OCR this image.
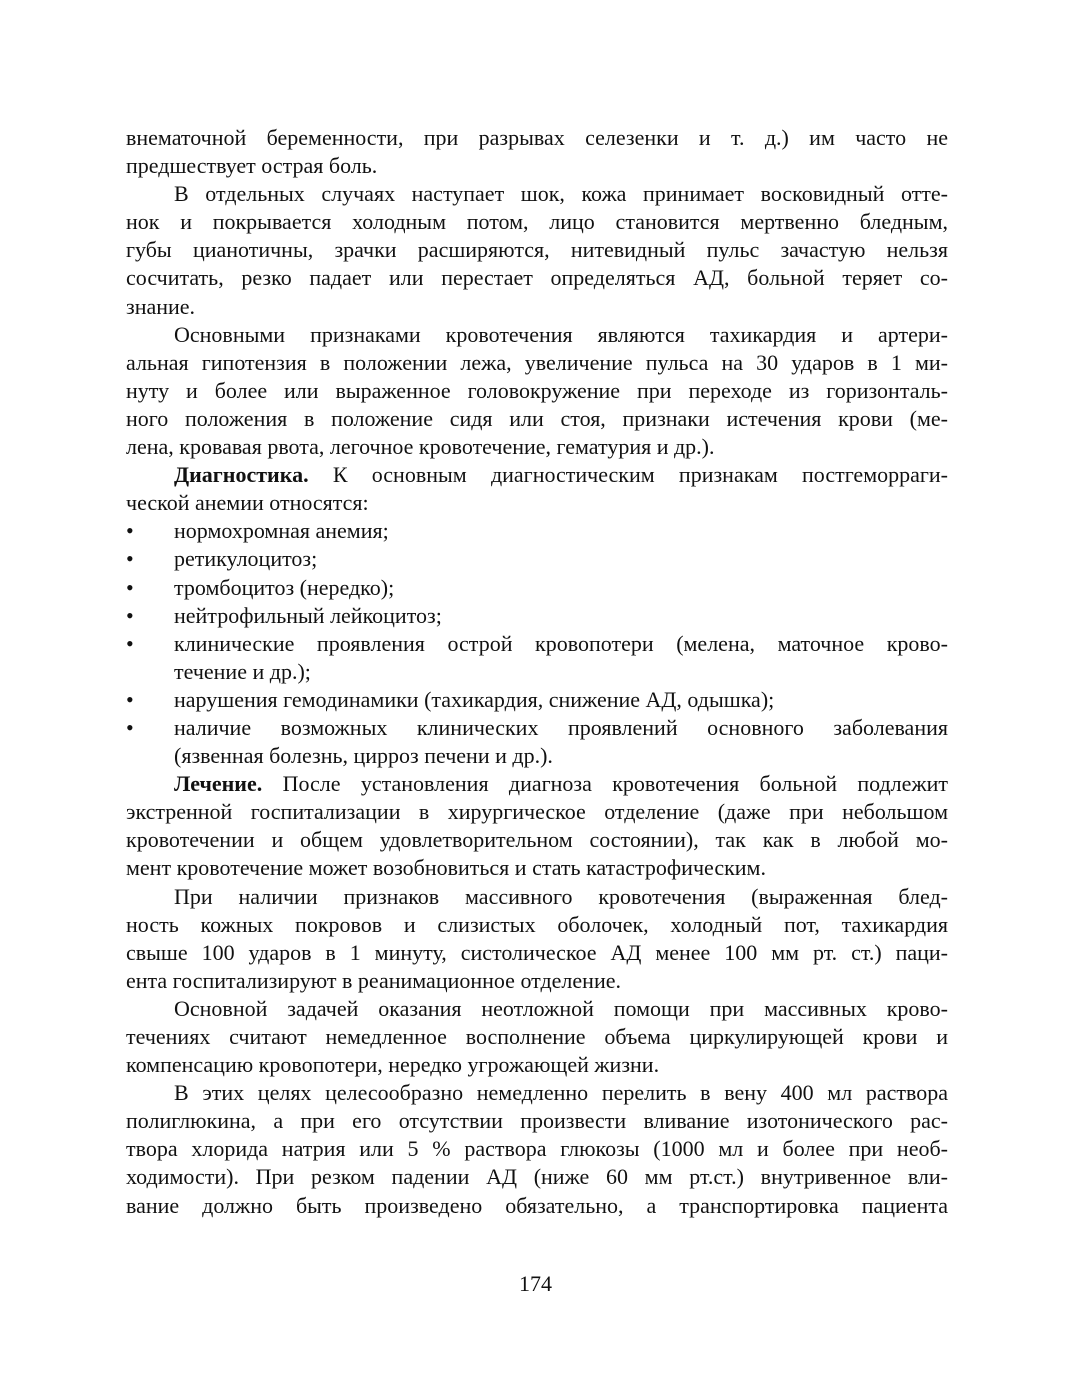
внематочной беременности, при разрывах селезенки и т. д.) им часто не
предшествует острая боль.
В отдельных случаях наступает шок, кожа принимает восковидный отте-
нок и покрывается холодным потом, лицо становится мертвенно бледным,
губы цианотичны, зрачки расширяются, нитевидный пульс зачастую нельзя
сосчитать, резко падает или перестает определяться АД, больной теряет со-
знание.
Основными признаками кровотечения являются тахикардия и артери-
альная гипотензия в положении лежа, увеличение пульса на 30 ударов в 1 ми-
нуту и более или выраженное головокружение при переходе из горизонталь-
ного положения в положение сидя или стоя, признаки истечения крови (ме-
лена, кровавая рвота, легочное кровотечение, гематурия и др.).
Диагностика. К основным диагностическим признакам постгеморраги-
ческой анемии относятся:
•	нормохромная анемия;
•	ретикулоцитоз;
•	тромбоцитоз (нередко);
•	нейтрофильный лейкоцитоз;
•	клинические проявления острой кровопотери (мелена, маточное крово-
течение и др.);
•	нарушения гемодинамики (тахикардия, снижение АД, одышка);
•	наличие возможных клинических проявлений основного заболевания
(язвенная болезнь, цирроз печени и др.).
Лечение. После установления диагноза кровотечения больной подлежит
экстренной госпитализации в хирургическое отделение (даже при небольшом
кровотечении и общем удовлетворительном состоянии), так как в любой мо-
мент кровотечение может возобновиться и стать катастрофическим.
При наличии признаков массивного кровотечения (выраженная блед-
ность кожных покровов и слизистых оболочек, холодный пот, тахикардия
свыше 100 ударов в 1 минуту, систолическое АД менее 100 мм рт. ст.) паци-
ента госпитализируют в реанимационное отделение.
Основной задачей оказания неотложной помощи при массивных крово-
течениях считают немедленное восполнение объема циркулирующей крови и
компенсацию кровопотери, нередко угрожающей жизни.
В этих целях целесообразно немедленно перелить в вену 400 мл раствора
полиглюкина, а при его отсутствии произвести вливание изотонического рас-
твора хлорида натрия или 5 % раствора глюкозы (1000 мл и более при необ-
ходимости). При резком падении АД (ниже 60 мм рт.ст.) внутривенное вли-
вание должно быть произведено обязательно, а транспортировка пациента
174
